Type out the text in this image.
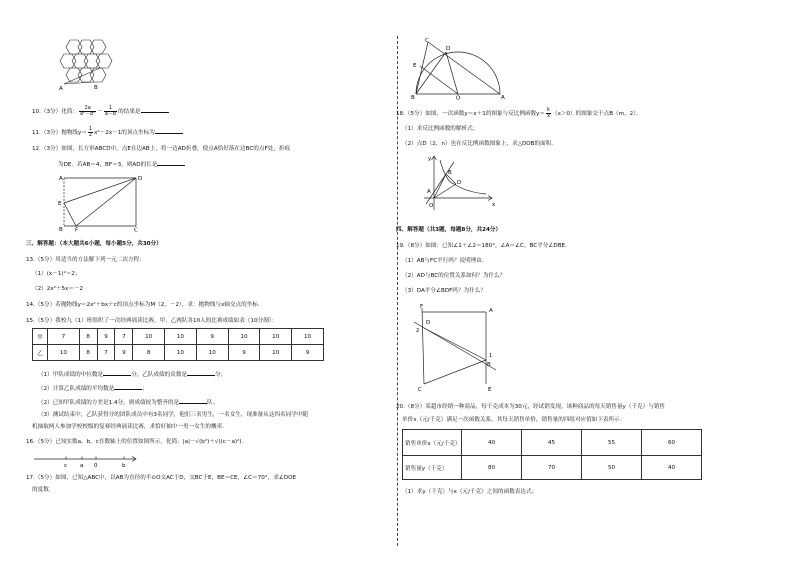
A	B
10.（3分）化简： $\frac{2a}{\text{a²－b²}} - \frac{1}{a-b}$ 的结果是
11.（3分）抛物线$y= \frac{1}{2} x^2-2x-1$的顶点坐标为
12.（3分）如图，长方形ABCD中，点E在边AB上，将一边AD折叠，使点A恰好落在边BC的点F处，折痕
为DE．若AB＝4，BF＝3，则AD的长是
A	D
E
B F	C
三、解答题：（本大题共6小题，每小题5分，共30分）
13.（5分）用适当的方法解下列一元二次方程：
（1）(x－1)²＝2；
（2）2x²＋5x＝－2
14.（5分）若抛物线y＝2x²＋bx＋c的顶点坐标为M（2，－2），求：抛物线与x轴交点的坐标．
15.（5分）我校九（1）班组织了一次经典诵读比赛，甲、乙两队各10人的比赛成绩如表（10分制）：
甲	7	8	9	7	10	10	9	10	10	10
乙	10	8	7	9	8	10	10	9	10	9
（1）甲队成绩的中位数是	分，乙队成绩的众数是	分；
（2）计算乙队成绩的平均数是	；
（2）已知甲队成绩的方差是1.4分，则成绩较为整齐的是	队；
（3）测试结束中，乙队获得分的团队成员中有3名同学，他们三名男生，一名女生，现准备从这四名同学中随
机抽取两人参加学校校级的复赛经典诵读比赛，求恰好抽中一男一女生的概率．
16.（5分）已知实数a，b，c在数轴上的位置如图所示，化简：|a|－√(b²)＋√((c－a)²)．
c a 0	b
17.（5分）如图，已知△ABC中，以AB为直径的半⊙O交AC于D，交BC于E，BE＝CE，∠C＝70°，求∠DOE
的度数．
C
D
E
B	O	A
18.（5分）如图，一次函数y＝x＋1的图象与反比例函数$y= \frac{k}{x} (x>0)$的图象交于点B（m，2）．
（1）求反比例函数的解析式；
（2）点D（2，n）也在反比例函数图象上，求△DOB的面积．
y
x
A
B
D
O
四、解答题（共3题，每题8分，共24分）
19.（8分）如图：已知∠1＋∠2＝180°，∠A＝∠C，BC平分∠DBE．
（1）AB与FC平行吗？说明理由．
（2）AD与BC的位置关系如何？为什么？
（3）DA平分∠BDF吗？为什么？
F
A
D
2
1
B
C	E
20.（8分）某超市经销一种商品，每千克成本为30元，经试销发现，该种商品的每天销售量y（千克）与销售
单价x（元/千克）满足一次函数关系，其每天销售单价，销售量的四组对应值如下表所示：
销售单价x（元/千克）	40	45	55	60
销售量y（千克）	80	70	50	40
（1）求y（千克）与x（元/千克）之间的函数表达式；
